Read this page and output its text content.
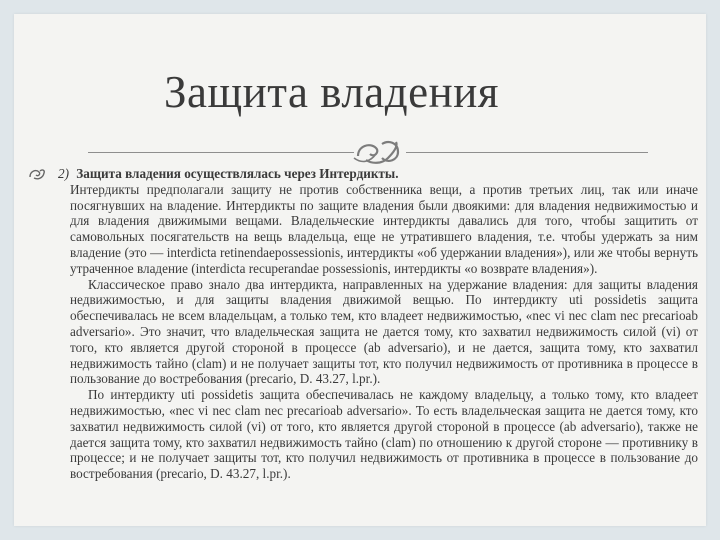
Защита владения

2) Защита владения осуществлялась через Интердикты.

Интердикты предполагали защиту не против собственника вещи, а против третьих лиц, так или иначе посягнувших на владение. Интердикты по защите владения были двоякими: для владения недвижимостью и для владения движимыми вещами. Владельческие интердикты давались для того, чтобы защитить от самовольных посягательств на вещь владельца, еще не утратившего владения, т.е. чтобы удержать за ним владение (это — interdicta retinendaepossessionis, интердикты «об удержании владения»), или же чтобы вернуть утраченное владение (interdicta recuperandae possessionis, интердикты «о возврате владения»).

Классическое право знало два интердикта, направленных на удержание владения: для защиты владения недвижимостью, и для защиты владения движимой вещью. По интердикту uti possidetis защита обеспечивалась не всем владельцам, а только тем, кто владеет недвижимостью, «nec vi nec clam nec precarioab adversario». Это значит, что владельческая защита не дается тому, кто захватил недвижимость силой (vi) от того, кто является другой стороной в процессе (ab adversario), и не дается, защита тому, кто захватил недвижимость тайно (clam) и не получает защиты тот, кто получил недвижимость от противника в процессе в пользование до востребования (precario, D. 43.27, l.pr.).

По интердикту uti possidetis защита обеспечивалась не каждому владельцу, а только тому, кто владеет недвижимостью, «nec vi nec clam nec precarioab adversario». То есть владельческая защита не дается тому, кто захватил недвижимость силой (vi) от того, кто является другой стороной в процессе (ab adversario), также не дается защита тому, кто захватил недвижимость тайно (clam) по отношению к другой стороне — противнику в процессе; и не получает защиты тот, кто получил недвижимость от противника в процессе в пользование до востребования (precario, D. 43.27, l.pr.).
